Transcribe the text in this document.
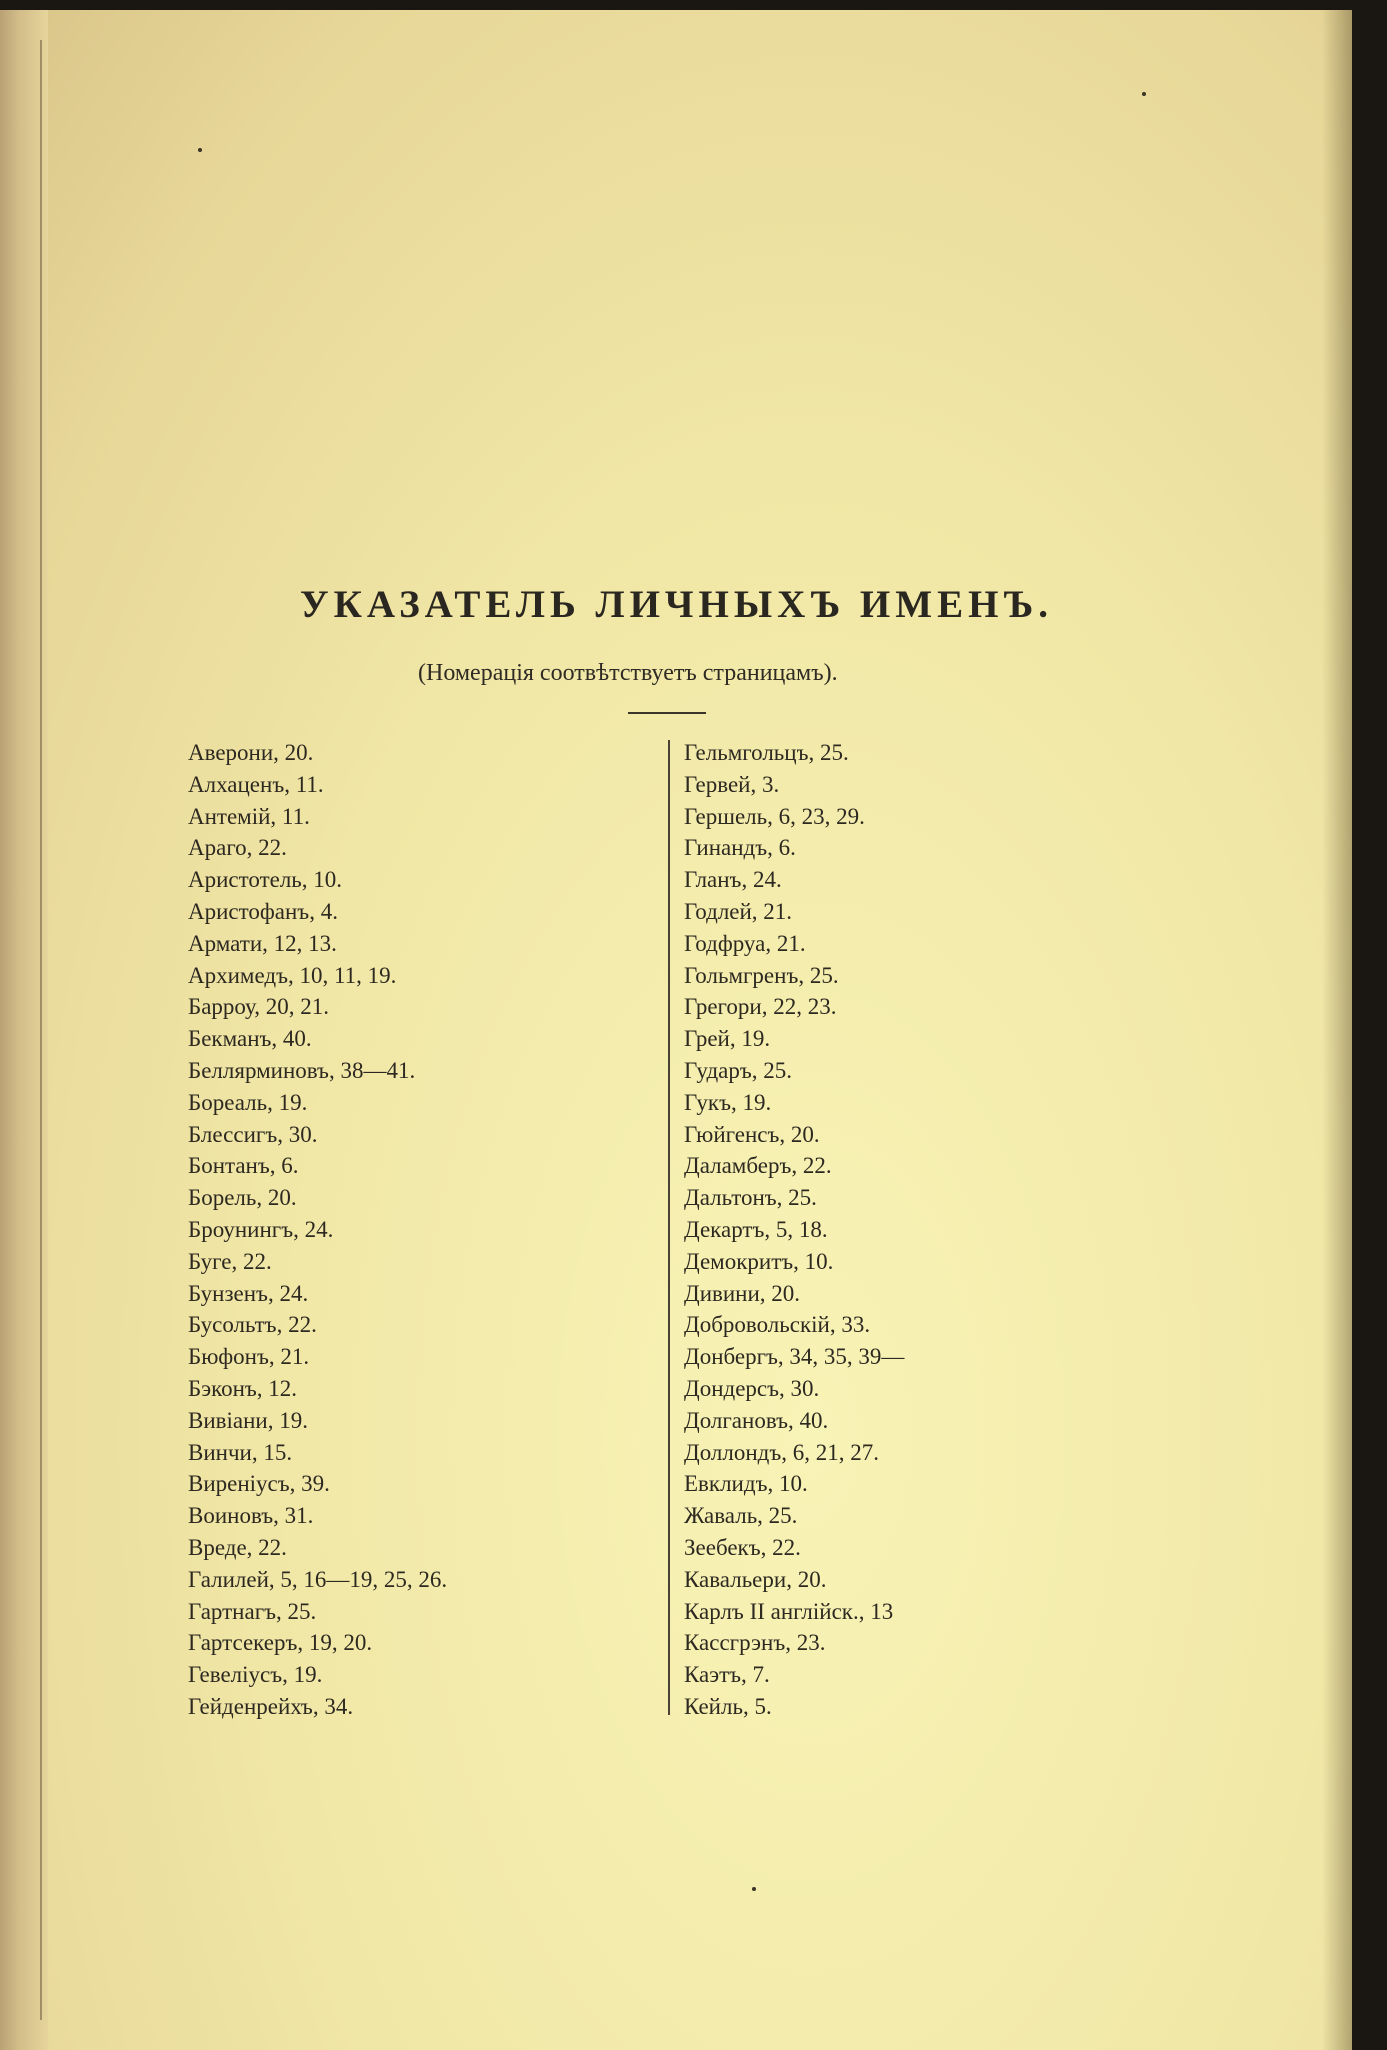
УКАЗАТЕЛЬ ЛИЧНЫХЪ ИМЕНЪ.

(Номерація соотвѣтствуетъ страницамъ).

Аверони, 20.
Алхаценъ, 11.
Антемій, 11.
Араго, 22.
Аристотель, 10.
Аристофанъ, 4.
Армати, 12, 13.
Архимедъ, 10, 11, 19.
Барроу, 20, 21.
Бекманъ, 40.
Беллярминовъ, 38—41.
Бореаль, 19.
Блессигъ, 30.
Бонтанъ, 6.
Борель, 20.
Броунингъ, 24.
Буге, 22.
Бунзенъ, 24.
Бусольтъ, 22.
Бюфонъ, 21.
Бэконъ, 12.
Вивіани, 19.
Винчи, 15.
Виреніусъ, 39.
Воиновъ, 31.
Вреде, 22.
Галилей, 5, 16—19, 25, 26.
Гартнагъ, 25.
Гартсекеръ, 19, 20.
Гевеліусъ, 19.
Гейденрейхъ, 34.
Гельмгольцъ, 25.
Гервей, 3.
Гершель, 6, 23, 29.
Гинандъ, 6.
Гланъ, 24.
Годлей, 21.
Годфруа, 21.
Гольмгренъ, 25.
Грегори, 22, 23.
Грей, 19.
Гударъ, 25.
Гукъ, 19.
Гюйгенсъ, 20.
Даламберъ, 22.
Дальтонъ, 25.
Декартъ, 5, 18.
Демокритъ, 10.
Дивини, 20.
Добровольскій, 33.
Донбергъ, 34, 35, 39—
Дондерсъ, 30.
Долгановъ, 40.
Доллондъ, 6, 21, 27.
Евклидъ, 10.
Жаваль, 25.
Зеебекъ, 22.
Кавальери, 20.
Карлъ II англійск., 13
Кассгрэнъ, 23.
Каэтъ, 7.
Кейль, 5.
